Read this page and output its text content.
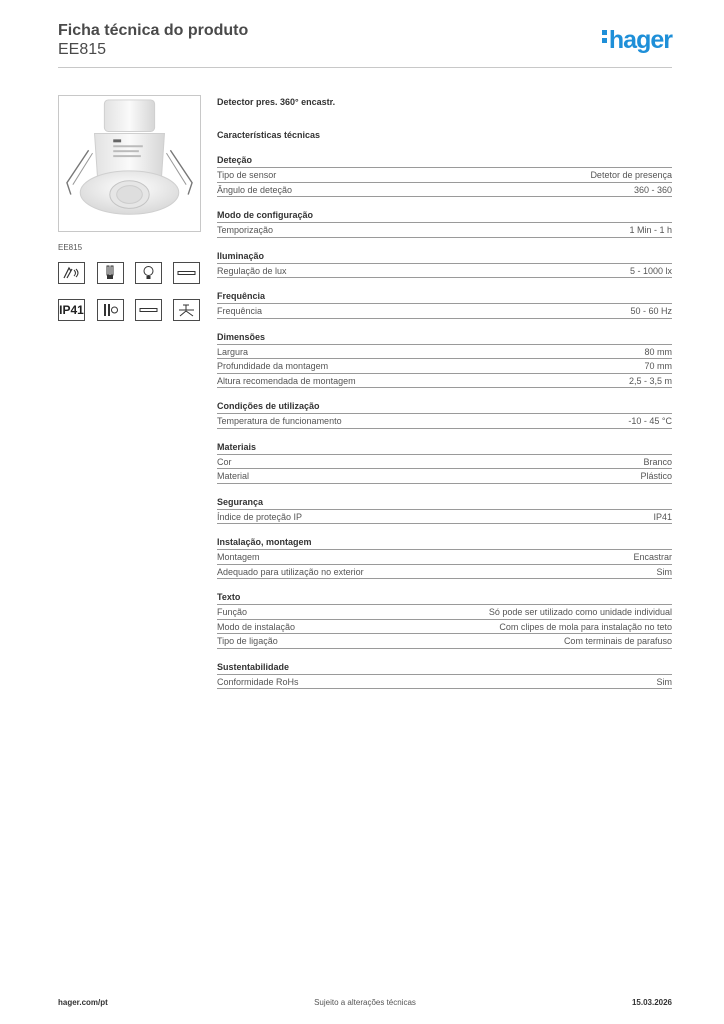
Ficha técnica do produto
EE815	hager
EE815
IP41
Detector pres. 360° encastr.
Características técnicas
Deteção
Tipo de sensor	Detetor de presença
Ângulo de deteção	360 - 360
Modo de configuração
Temporização	1 Min - 1 h
Iluminação
Regulação de lux	5 - 1000 lx
Frequência
Frequência	50 - 60 Hz
Dimensões
Largura	80 mm
Profundidade da montagem	70 mm
Altura recomendada de montagem	2,5 - 3,5 m
Condições de utilização
Temperatura de funcionamento	-10 - 45 °C
Materiais
Cor	Branco
Material	Plástico
Segurança
Índice de proteção IP	IP41
Instalação, montagem
Montagem	Encastrar
Adequado para utilização no exterior	Sim
Texto
Função	Só pode ser utilizado como unidade individual
Modo de instalação	Com clipes de mola para instalação no teto
Tipo de ligação	Com terminais de parafuso
Sustentabilidade
Conformidade RoHs	Sim
hager.com/pt	Sujeito a alterações técnicas	15.03.2026
